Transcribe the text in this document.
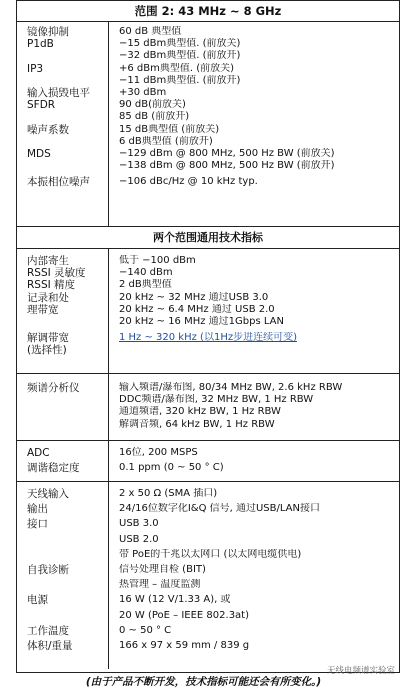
范围 2: 43 MHz ~ 8 GHz
镜像抑制
P1dB
IP3
输入损毁电平
SFDR
噪声系数
MDS
本振相位噪声
60 dB 典型值
−15 dBm典型值. (前放关)
−32 dBm典型值. (前放开)
+6 dBm典型值. (前放关)
−11 dBm典型值. (前放开)
+30 dBm
90 dB(前放关)
85 dB (前放开)
15 dB典型值 (前放关)
6 dB典型值 (前放开)
−129 dBm @ 800 MHz, 500 Hz BW (前放关)
−138 dBm @ 800 MHz, 500 Hz BW (前放开)
−106 dBc/Hz @ 10 kHz typ.
两个范围通用技术指标
内部寄生
RSSI 灵敏度
RSSI 精度
记录和处
理带宽
解调带宽
(选择性)
低于 −100 dBm
−140 dBm
2 dB典型值
20 kHz ~ 32 MHz 通过USB 3.0
20 kHz ~ 6.4 MHz 通过 USB 2.0
20 kHz ~ 16 MHz 通过1Gbps LAN
1 Hz ~ 320 kHz (以1Hz步进连续可变)
频谱分析仪	输入频谱/瀑布图, 80/34 MHz BW, 2.6 kHz RBW
DDC频谱/瀑布图, 32 MHz BW, 1 Hz RBW
通道频谱, 320 kHz BW, 1 Hz RBW
解调音频, 64 kHz BW, 1 Hz RBW
ADC
调谐稳定度
16位, 200 MSPS
0.1 ppm (0 ~ 50 ° C)
天线输入
输出
接口
自我诊断
电源
工作温度
体积/重量
2 x 50 Ω (SMA 插口)
24/16位数字化I&Q 信号, 通过USB/LAN接口
USB 3.0
USB 2.0
带 PoE的千兆以太网口 (以太网电缆供电)
信号处理自检 (BIT)
热管理 – 温度监测
16 W (12 V/1.33 A), 或
20 W (PoE – IEEE 802.3at)
0 ~ 50 ° C
166 x 97 x 59 mm / 839 g
无线电频谱实验室
(由于产品不断开发，技术指标可能还会有所变化。)
